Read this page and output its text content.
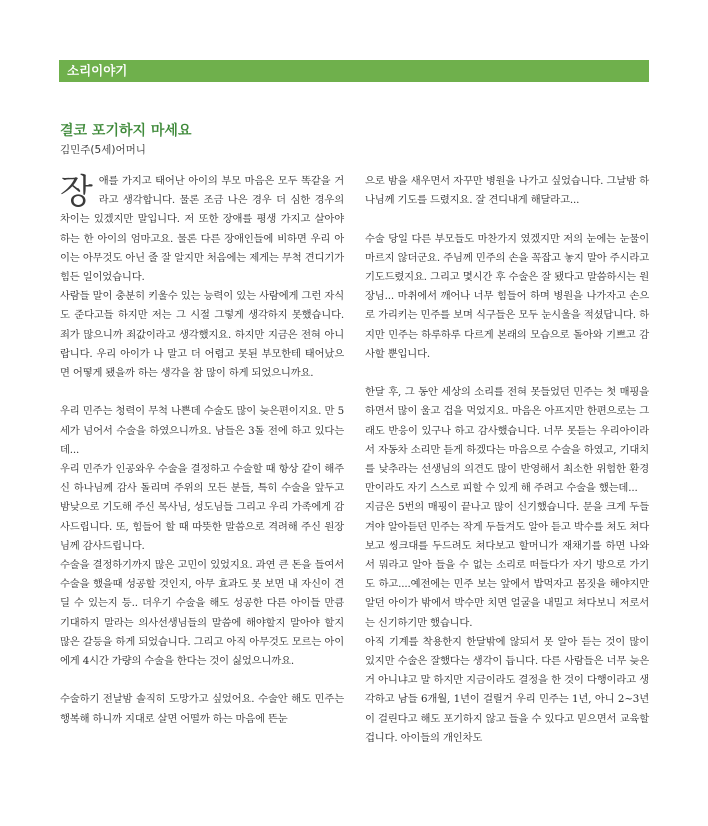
소리이야기
결코 포기하지 마세요
김민주(5세)어머니

장애를 가지고 태어난 아이의 부모 마음은 모두 똑같을 거라고 생각합니다. 물론 조금 나은 경우 더 심한 경우의 차이는 있겠지만 말입니다. 저 또한 장애를 평생 가지고 살아야 하는 한 아이의 엄마고요. 물론 다른 장애인들에 비하면 우리 아이는 아무것도 아닌 줄 잘 알지만 처음에는 제게는 무척 견디기가 힘든 일이었습니다.

사람들 말이 충분히 키울수 있는 능력이 있는 사람에게 그런 자식도 준다고들 하지만 저는 그 시절 그렇게 생각하지 못했습니다. 죄가 많으니까 죄값이라고 생각했지요. 하지만 지금은 전혀 아니랍니다. 우리 아이가 나 말고 더 어렵고 못된 부모한테 태어났으면 어떻게 됐을까 하는 생각을 참 많이 하게 되었으니까요.

우리 민주는 청력이 무척 나쁜데 수술도 많이 늦은편이지요. 만 5세가 넘어서 수술을 하였으니까요. 남들은 3돌 전에 하고 있다는데...

우리 민주가 인공와우 수술을 결정하고 수술할 때 항상 같이 해주신 하나님께 감사 돌리며 주위의 모든 분들, 특히 수술을 앞두고 밤낮으로 기도해 주신 목사님, 성도님들 그리고 우리 가족에게 감사드립니다. 또, 힘들어 할 때 따뜻한 말씀으로 격려해 주신 원장님께 감사드립니다.

수술을 결정하기까지 많은 고민이 있었지요. 과연 큰 돈을 들여서 수술을 했을때 성공할 것인지, 아무 효과도 못 보면 내 자신이 견딜 수 있는지 등.. 더우기 수술을 해도 성공한 다른 아이들 만큼 기대하지 말라는 의사선생님들의 말씀에 해야할지 말아야 할지 많은 갈등을 하게 되었습니다. 그리고 아직 아무것도 모르는 아이에게 4시간 가량의 수술을 한다는 것이 싫었으니까요.

수술하기 전날밤 솔직히 도망가고 싶었어요. 수술안 해도 민주는 행복해 하니까 지대로 살면 어떨까 하는 마음에 뜬눈

으로 밤을 새우면서 자꾸만 병원을 나가고 싶었습니다. 그날밤 하나님께 기도를 드렸지요. 잘 견디내게 해달라고...

수술 당일 다른 부모들도 마찬가지 였겠지만 저의 눈에는 눈물이 마르지 않더군요. 주님께 민주의 손을 꼭잡고 놓지 말아 주시라고 기도드렸지요. 그리고 몇시간 후 수술은 잘 됐다고 말씀하시는 원장님... 마취에서 깨어나 너무 힘들어 하며 병원을 나가자고 손으로 가리키는 민주를 보며 식구들은 모두 눈시울을 적셨답니다. 하지만 민주는 하루하루 다르게 본래의 모습으로 돌아와 기쁘고 감사할 뿐입니다.

한달 후, 그 동안 세상의 소리를 전혀 못들었던 민주는 첫 매핑을 하면서 많이 울고 겁을 먹었지요. 마음은 아프지만 한편으로는 그래도 반응이 있구나 하고 감사했습니다. 너무 못듣는 우리아이라서 자동차 소리만 듣게 하겠다는 마음으로 수술을 하였고, 기대치를 낮추라는 선생님의 의견도 많이 반영해서 최소한 위험한 환경만이라도 자기 스스로 피할 수 있게 해 주려고 수술을 했는데...

지금은 5번의 매핑이 끝나고 많이 신기했습니다. 문을 크게 두들겨야 알아듣던 민주는 작게 두들겨도 알아 듣고 박수를 쳐도 쳐다보고 씽크대를 두드려도 쳐다보고 할머니가 재채기를 하면 나와서 뭐라고 알아 들을 수 없는 소리로 떠들다가 자기 방으로 가기도 하고....예전에는 민주 보는 앞에서 밥먹자고 몸짓을 해야지만 알던 아이가 밖에서 박수만 치면 얼굴을 내밀고 쳐다보니 저로서는 신기하기만 했습니다.

아직 기계를 착용한지 한달밖에 않되서 못 알아 듣는 것이 많이 있지만 수술은 잘했다는 생각이 듭니다. 다른 사람들은 너무 늦은거 아니냐고 말 하지만 지금이라도 결정을 한 것이 다행이라고 생각하고 남들 6개월, 1년이 걸릴거 우리 민주는 1년, 아니 2~3년이 걸린다고 해도 포기하지 않고 들을 수 있다고 믿으면서 교육할 겁니다. 아이들의 개인차도
